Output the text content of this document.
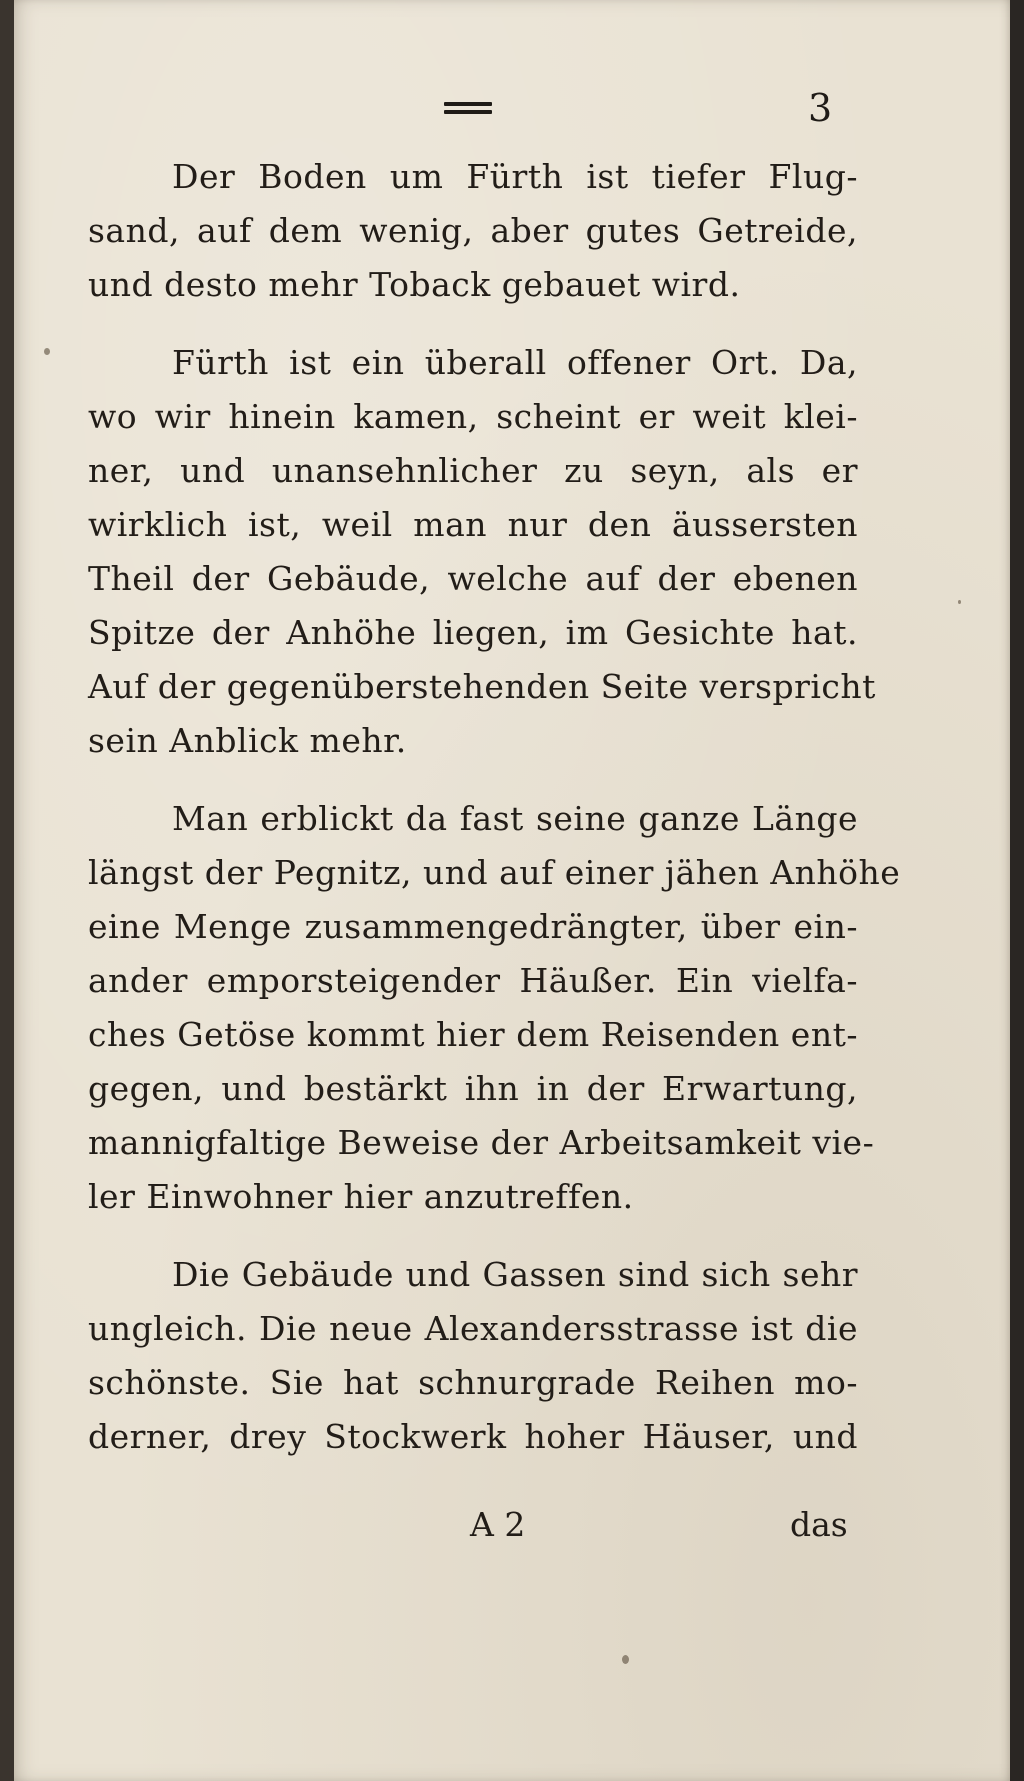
3
Der Boden um Fürth ist tiefer Flug-
sand, auf dem wenig, aber gutes Getreide,
und desto mehr Toback gebauet wird.
Fürth ist ein überall offener Ort. Da,
wo wir hinein kamen, scheint er weit klei-
ner, und unansehnlicher zu seyn, als er
wirklich ist, weil man nur den äussersten
Theil der Gebäude, welche auf der ebenen
Spitze der Anhöhe liegen, im Gesichte hat.
Auf der gegenüberstehenden Seite verspricht
sein Anblick mehr.
Man erblickt da fast seine ganze Länge
längst der Pegnitz, und auf einer jähen Anhöhe
eine Menge zusammengedrängter, über ein-
ander emporsteigender Häußer. Ein vielfa-
ches Getöse kommt hier dem Reisenden ent-
gegen, und bestärkt ihn in der Erwartung,
mannigfaltige Beweise der Arbeitsamkeit vie-
ler Einwohner hier anzutreffen.
Die Gebäude und Gassen sind sich sehr
ungleich. Die neue Alexandersstrasse ist die
schönste. Sie hat schnurgrade Reihen mo-
derner, drey Stockwerk hoher Häuser, und
A 2	das
